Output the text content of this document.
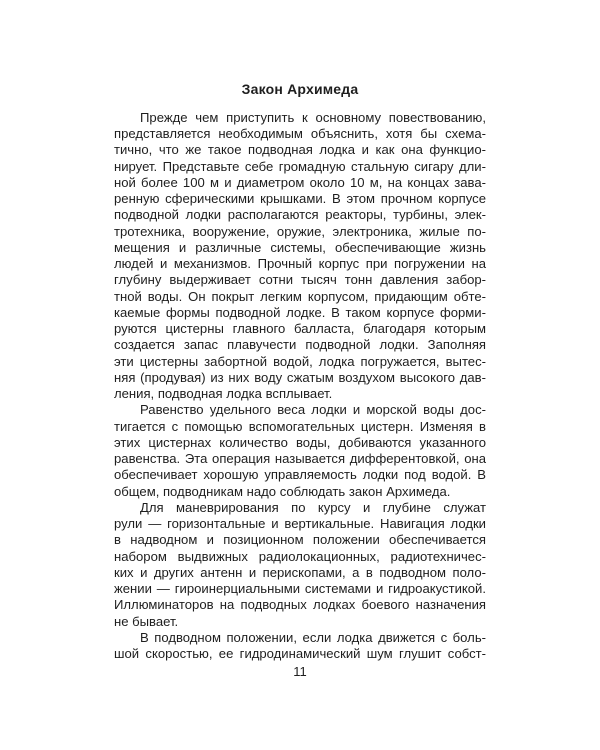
Закон Архимеда

Прежде чем приступить к основному повествованию,

представляется необходимым объяснить, хотя бы схема-

тично, что же такое подводная лодка и как она функцио-

нирует. Представьте себе громадную стальную сигару дли-

ной более 100 м и диаметром около 10 м, на концах зава-

ренную сферическими крышками. В этом прочном корпусе

подводной лодки располагаются реакторы, турбины, элек-

тротехника, вооружение, оружие, электроника, жилые по-

мещения и различные системы, обеспечивающие жизнь

людей и механизмов. Прочный корпус при погружении на

глубину выдерживает сотни тысяч тонн давления забор-

тной воды. Он покрыт легким корпусом, придающим обте-

каемые формы подводной лодке. В таком корпусе форми-

руются цистерны главного балласта, благодаря которым

создается запас плавучести подводной лодки. Заполняя

эти цистерны забортной водой, лодка погружается, вытес-

няя (продувая) из них воду сжатым воздухом высокого дав-

ления, подводная лодка всплывает.

Равенство удельного веса лодки и морской воды дос-

тигается с помощью вспомогательных цистерн. Изменяя в

этих цистернах количество воды, добиваются указанного

равенства. Эта операция называется дифферентовкой, она

обеспечивает хорошую управляемость лодки под водой. В

общем, подводникам надо соблюдать закон Архимеда.

Для маневрирования по курсу и глубине служат

рули — горизонтальные и вертикальные. Навигация лодки

в надводном и позиционном положении обеспечивается

набором выдвижных радиолокационных, радиотехничес-

ких и других антенн и перископами, а в подводном поло-

жении — гироинерциальными системами и гидроакустикой.

Иллюминаторов на подводных лодках боевого назначения

не бывает.

В подводном положении, если лодка движется с боль-

шой скоростью, ее гидродинамический шум глушит собст-

11
